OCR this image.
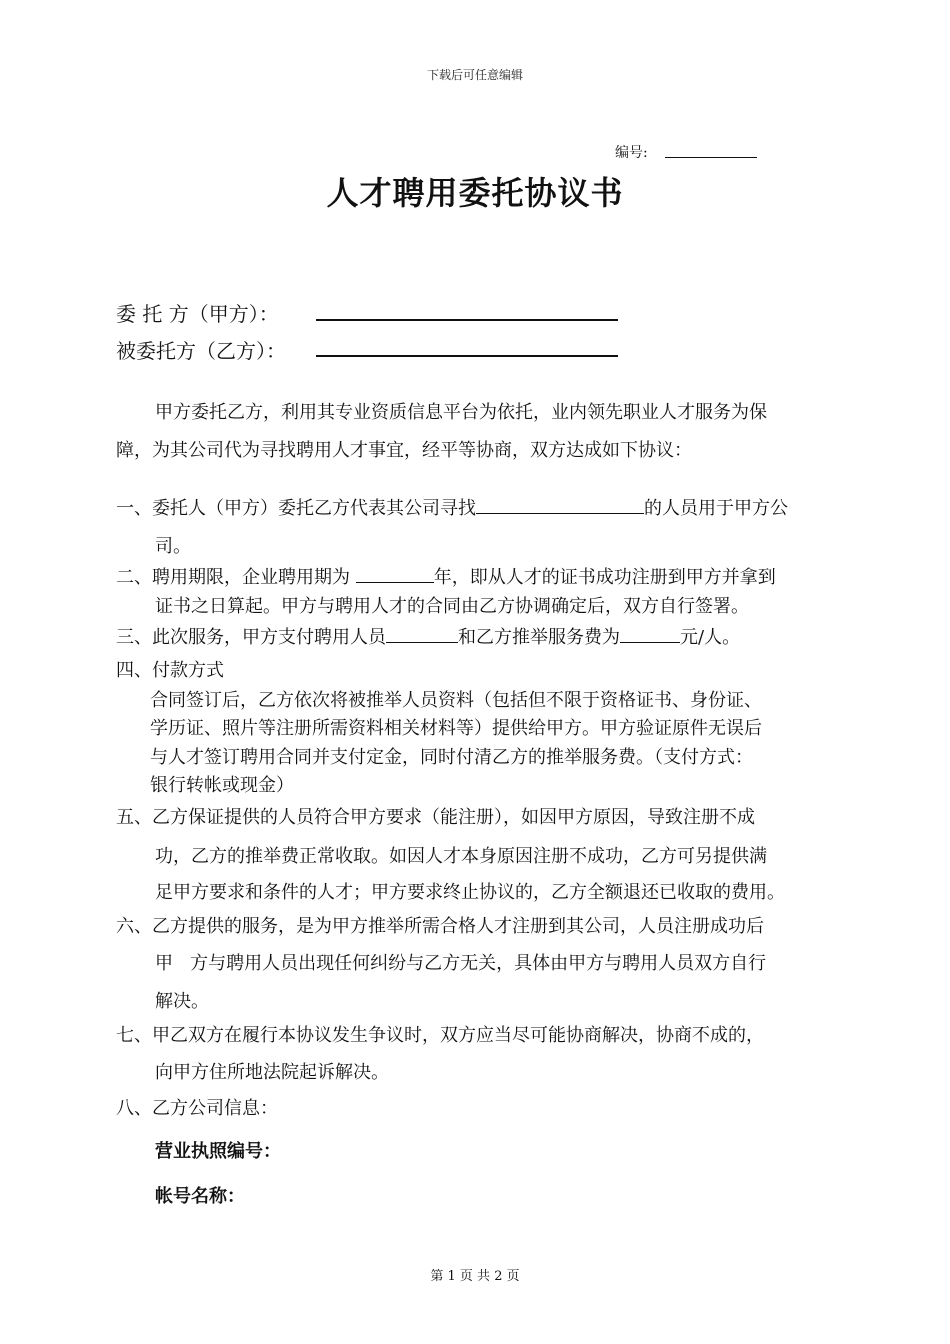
下载后可任意编辑
编号:
人才聘用委托协议书
委 托 方（甲方）：
被委托方（乙方）：
甲方委托乙方，利用其专业资质信息平台为依托，业内领先职业人才服务为保
障，为其公司代为寻找聘用人才事宜，经平等协商，双方达成如下协议：
一、委托人（甲方）委托乙方代表其公司寻找	的人员用于甲方公
司。
二、聘用期限，企业聘用期为	年，即从人才的证书成功注册到甲方并拿到
证书之日算起。甲方与聘用人才的合同由乙方协调确定后，双方自行签署。
三、此次服务，甲方支付聘用人员	和乙方推举服务费为	元/人。
四、付款方式
合同签订后，乙方依次将被推举人员资料（包括但不限于资格证书、身份证、
学历证、照片等注册所需资料相关材料等）提供给甲方。甲方验证原件无误后
与人才签订聘用合同并支付定金，同时付清乙方的推举服务费。（支付方式：
银行转帐或现金）
五、乙方保证提供的人员符合甲方要求（能注册），如因甲方原因，导致注册不成
功，乙方的推举费正常收取。如因人才本身原因注册不成功，乙方可另提供满
足甲方要求和条件的人才；甲方要求终止协议的，乙方全额退还已收取的费用。
六、乙方提供的服务，是为甲方推举所需合格人才注册到其公司，人员注册成功后
甲   方与聘用人员出现任何纠纷与乙方无关，具体由甲方与聘用人员双方自行
解决。
七、甲乙双方在履行本协议发生争议时，双方应当尽可能协商解决，协商不成的，
向甲方住所地法院起诉解决。
八、乙方公司信息：
营业执照编号：
帐号名称：
第 1 页 共 2 页
